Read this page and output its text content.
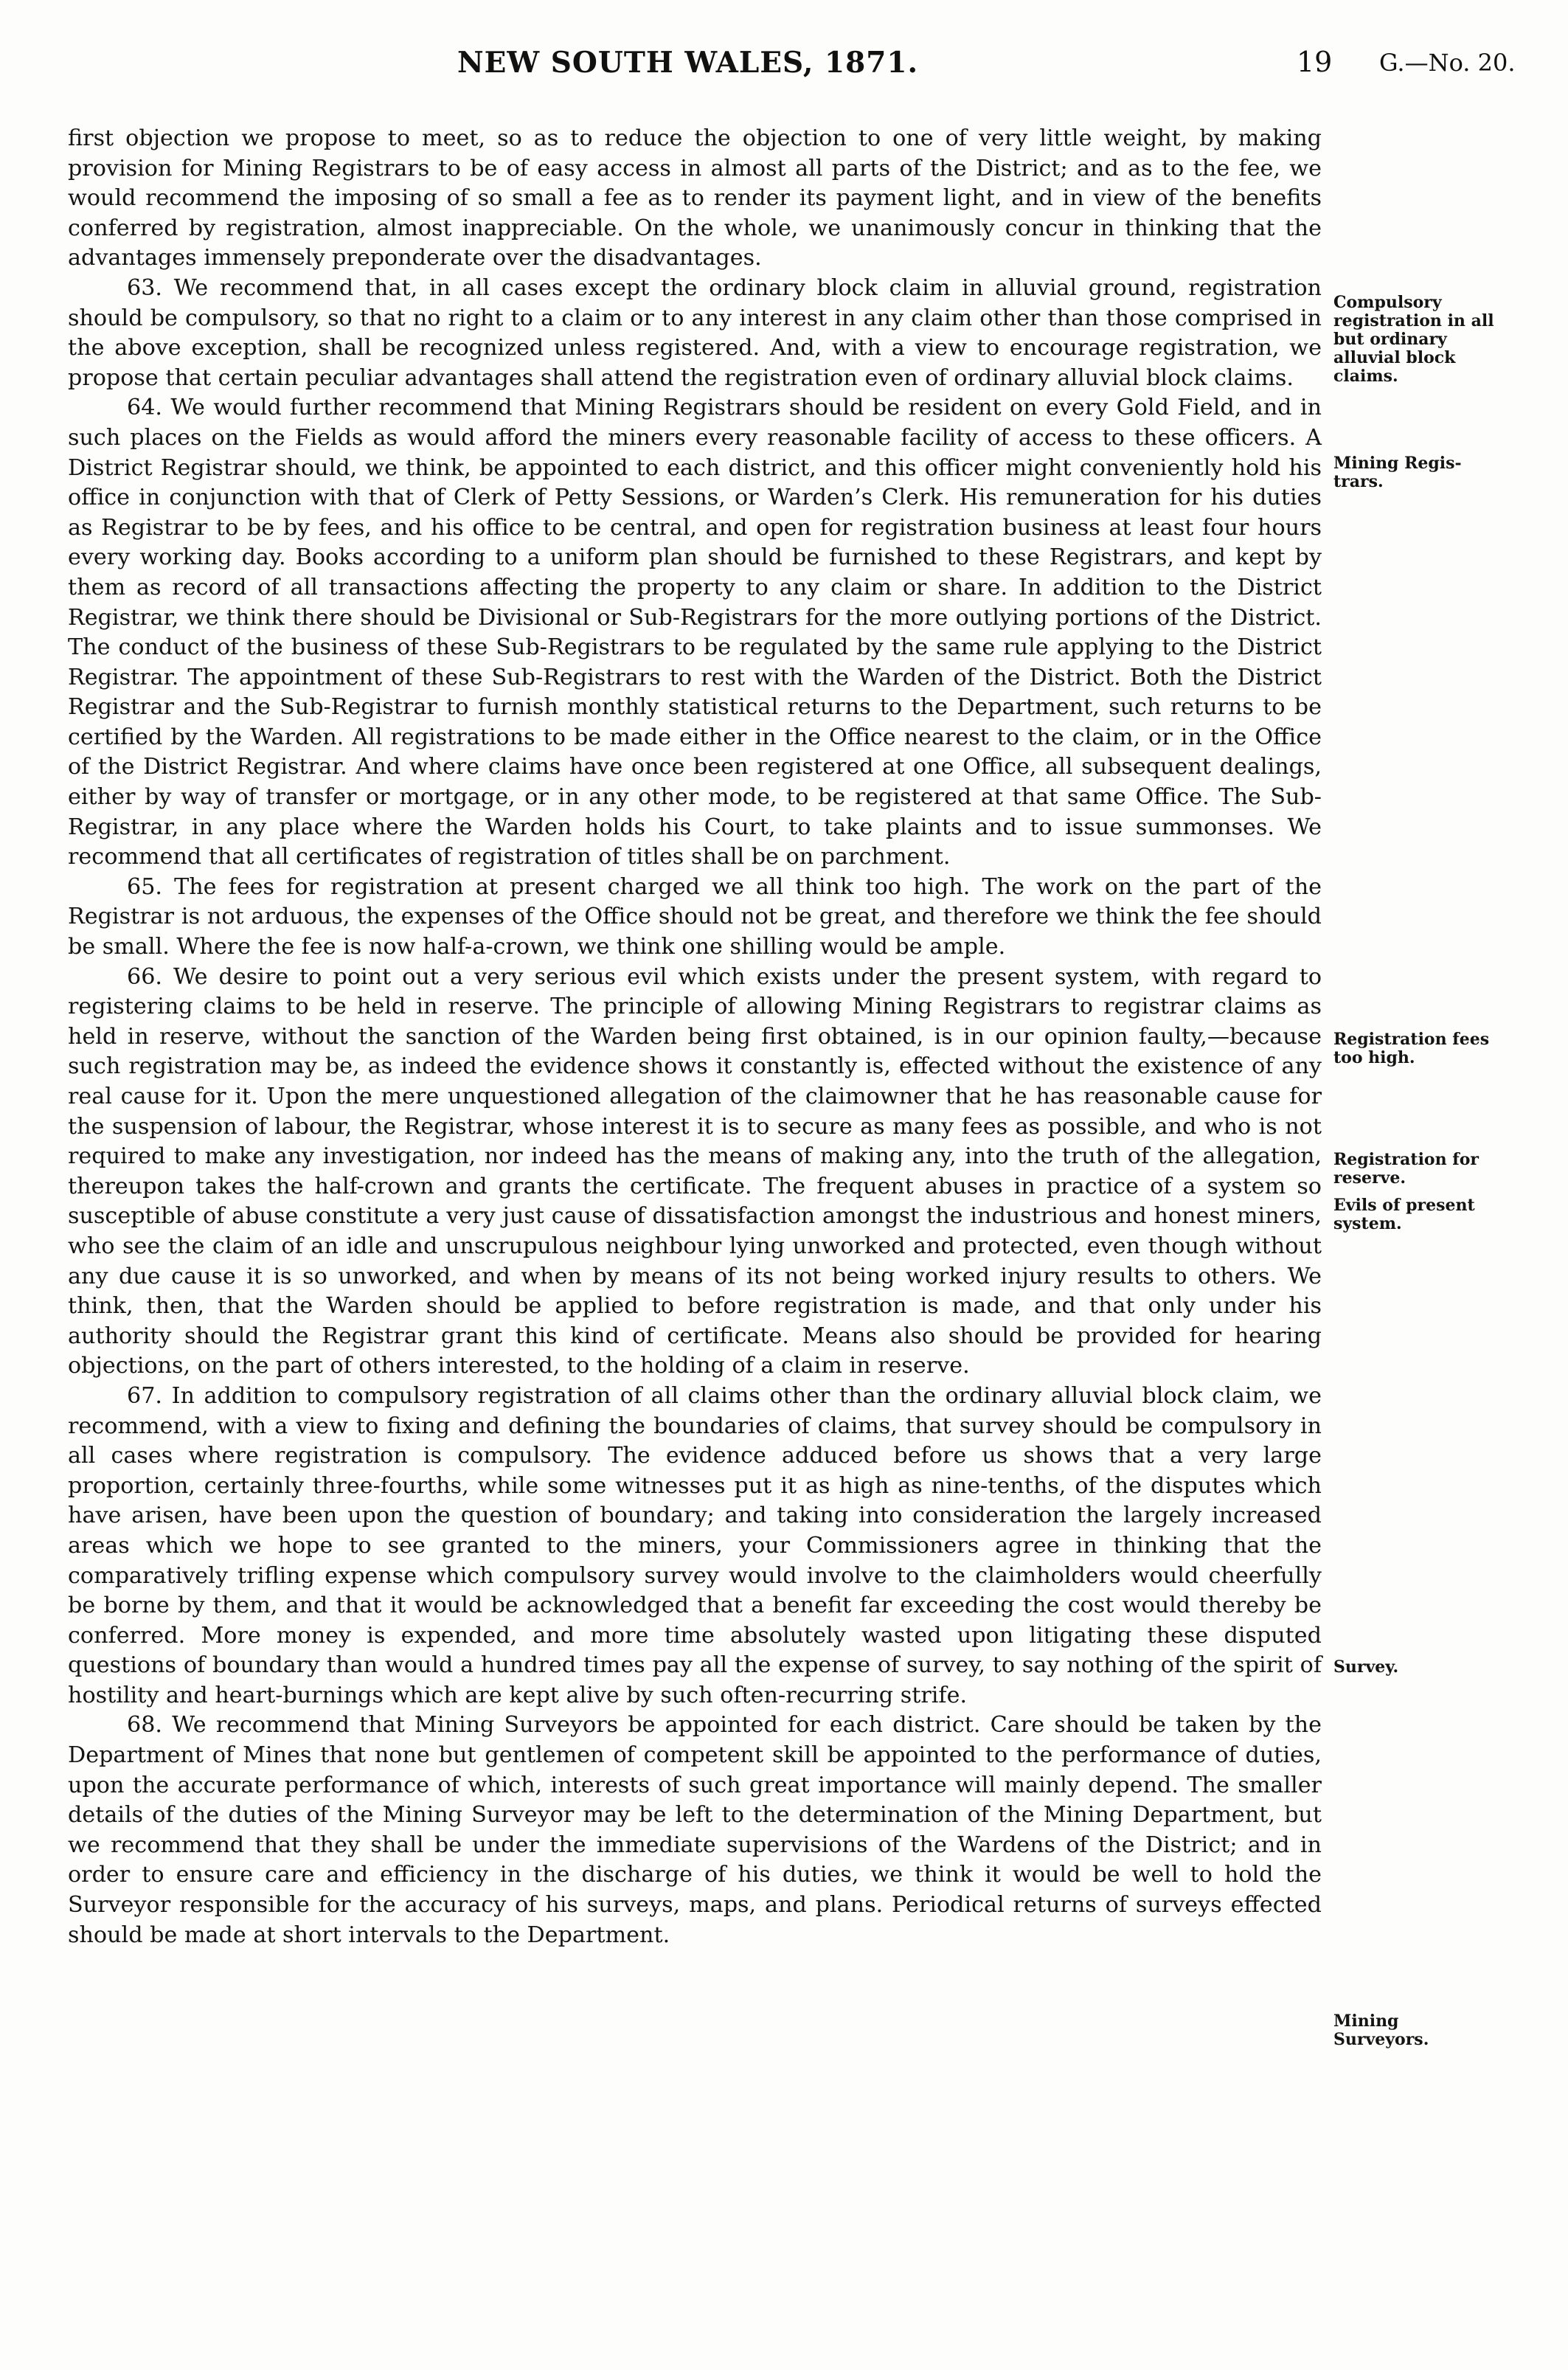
NEW SOUTH WALES, 1871.	19 G.—No. 20.

first objection we propose to meet, so as to reduce the objection to one of very little weight, by making provision for Mining Registrars to be of easy access in almost all parts of the District; and as to the fee, we would recommend the imposing of so small a fee as to render its payment light, and in view of the benefits conferred by registration, almost inappreciable. On the whole, we unanimously concur in thinking that the advantages immensely preponderate over the disadvantages.

63. We recommend that, in all cases except the ordinary block claim in alluvial ground, registration should be compulsory, so that no right to a claim or to any interest in any claim other than those comprised in the above exception, shall be recognized unless registered. And, with a view to encourage registration, we propose that certain peculiar advantages shall attend the registration even of ordinary alluvial block claims.

64. We would further recommend that Mining Registrars should be resident on every Gold Field, and in such places on the Fields as would afford the miners every reasonable facility of access to these officers. A District Registrar should, we think, be appointed to each district, and this officer might conveniently hold his office in conjunction with that of Clerk of Petty Sessions, or Warden’s Clerk. His remuneration for his duties as Registrar to be by fees, and his office to be central, and open for registration business at least four hours every working day. Books according to a uniform plan should be furnished to these Registrars, and kept by them as record of all transactions affecting the property to any claim or share. In addition to the District Registrar, we think there should be Divisional or Sub-Registrars for the more outlying portions of the District. The conduct of the business of these Sub-Registrars to be regulated by the same rule applying to the District Registrar. The appointment of these Sub-Registrars to rest with the Warden of the District. Both the District Registrar and the Sub-Registrar to furnish monthly statistical returns to the Department, such returns to be certified by the Warden. All registrations to be made either in the Office nearest to the claim, or in the Office of the District Registrar. And where claims have once been registered at one Office, all subsequent dealings, either by way of transfer or mortgage, or in any other mode, to be registered at that same Office. The Sub-Registrar, in any place where the Warden holds his Court, to take plaints and to issue summonses. We recommend that all certificates of registration of titles shall be on parchment.

65. The fees for registration at present charged we all think too high. The work on the part of the Registrar is not arduous, the expenses of the Office should not be great, and therefore we think the fee should be small. Where the fee is now half-a-crown, we think one shilling would be ample.

66. We desire to point out a very serious evil which exists under the present system, with regard to registering claims to be held in reserve. The principle of allowing Mining Registrars to registrar claims as held in reserve, without the sanction of the Warden being first obtained, is in our opinion faulty,—because such registration may be, as indeed the evidence shows it constantly is, effected without the existence of any real cause for it. Upon the mere unquestioned allegation of the claimowner that he has reasonable cause for the suspension of labour, the Registrar, whose interest it is to secure as many fees as possible, and who is not required to make any investigation, nor indeed has the means of making any, into the truth of the allegation, thereupon takes the half-crown and grants the certificate. The frequent abuses in practice of a system so susceptible of abuse constitute a very just cause of dissatisfaction amongst the industrious and honest miners, who see the claim of an idle and unscrupulous neighbour lying unworked and protected, even though without any due cause it is so unworked, and when by means of its not being worked injury results to others. We think, then, that the Warden should be applied to before registration is made, and that only under his authority should the Registrar grant this kind of certificate. Means also should be provided for hearing objections, on the part of others interested, to the holding of a claim in reserve.

67. In addition to compulsory registration of all claims other than the ordinary alluvial block claim, we recommend, with a view to fixing and defining the boundaries of claims, that survey should be compulsory in all cases where registration is compulsory. The evidence adduced before us shows that a very large proportion, certainly three-fourths, while some witnesses put it as high as nine-tenths, of the disputes which have arisen, have been upon the question of boundary; and taking into consideration the largely increased areas which we hope to see granted to the miners, your Commissioners agree in thinking that the comparatively trifling expense which compulsory survey would involve to the claimholders would cheerfully be borne by them, and that it would be acknowledged that a benefit far exceeding the cost would thereby be conferred. More money is expended, and more time absolutely wasted upon litigating these disputed questions of boundary than would a hundred times pay all the expense of survey, to say nothing of the spirit of hostility and heart-burnings which are kept alive by such often-recurring strife.

68. We recommend that Mining Surveyors be appointed for each district. Care should be taken by the Department of Mines that none but gentlemen of competent skill be appointed to the performance of duties, upon the accurate performance of which, interests of such great importance will mainly depend. The smaller details of the duties of the Mining Surveyor may be left to the determination of the Mining Department, but we recommend that they shall be under the immediate supervisions of the Wardens of the District; and in order to ensure care and efficiency in the discharge of his duties, we think it would be well to hold the Surveyor responsible for the accuracy of his surveys, maps, and plans. Periodical returns of surveys effected should be made at short intervals to the Department.

Compulsory
registration in all
but ordinary
alluvial block
claims.
Mining Regis-
trars.
Registration fees
too high.
Registration for
reserve.
Evils of present
system.
Survey.
Mining
Surveyors.
